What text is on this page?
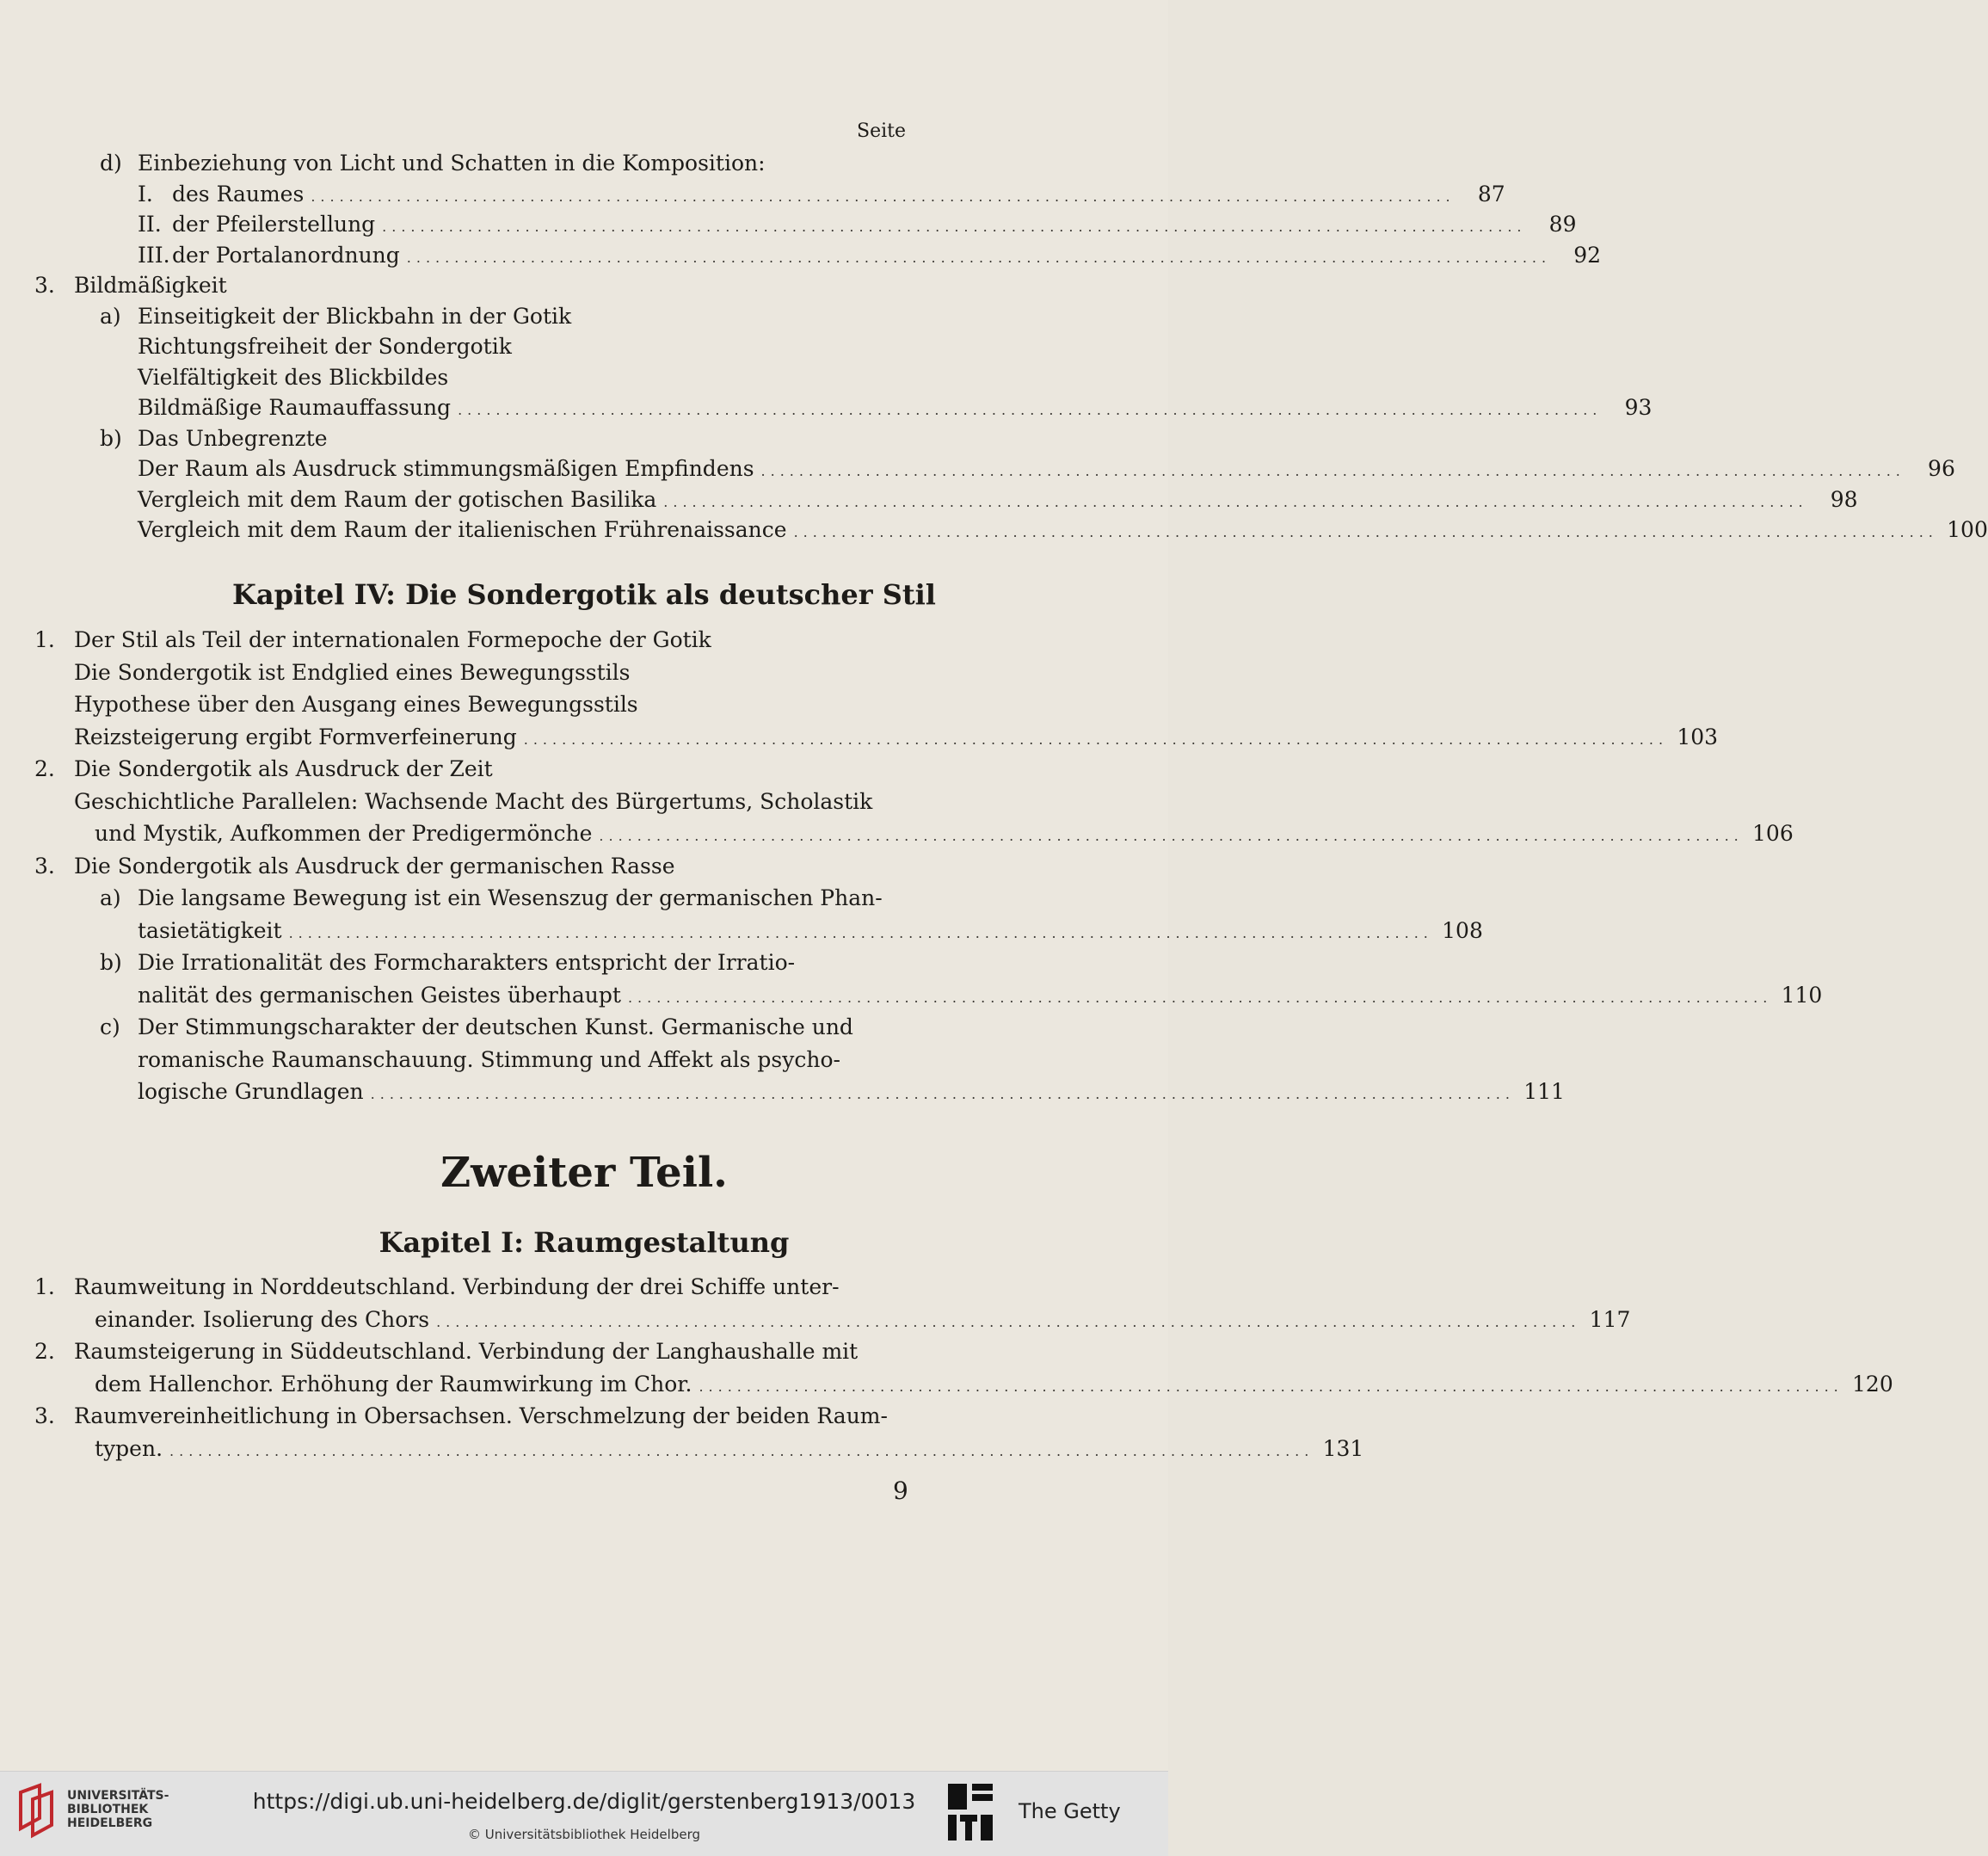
Seite
d) Einbeziehung von Licht und Schatten in die Komposition:
I. des Raumes ........................................................................................................................	87
II. der Pfeilerstellung ........................................................................................................................	89
III. der Portalanordnung ........................................................................................................................	92
3. Bildmäßigkeit
a) Einseitigkeit der Blickbahn in der Gotik
Richtungsfreiheit der Sondergotik
Vielfältigkeit des Blickbildes
Bildmäßige Raumauffassung ........................................................................................................................	93
b) Das Unbegrenzte
Der Raum als Ausdruck stimmungsmäßigen Empfindens ........................................................................................................................	96
Vergleich mit dem Raum der gotischen Basilika ........................................................................................................................	98
Vergleich mit dem Raum der italienischen Frührenaissance ........................................................................................................................ 100
Kapitel IV: Die Sondergotik als deutscher Stil
1. Der Stil als Teil der internationalen Formepoche der Gotik
Die Sondergotik ist Endglied eines Bewegungsstils
Hypothese über den Ausgang eines Bewegungsstils
Reizsteigerung ergibt Formverfeinerung ........................................................................................................................ 103
2. Die Sondergotik als Ausdruck der Zeit
Geschichtliche Parallelen: Wachsende Macht des Bürgertums, Scholastik
und Mystik, Aufkommen der Predigermönche ........................................................................................................................ 106
3. Die Sondergotik als Ausdruck der germanischen Rasse
a) Die langsame Bewegung ist ein Wesenszug der germanischen Phan-
tasietätigkeit ........................................................................................................................ 108
b) Die Irrationalität des Formcharakters entspricht der Irratio-
nalität des germanischen Geistes überhaupt ........................................................................................................................ 110
c) Der Stimmungscharakter der deutschen Kunst. Germanische und
romanische Raumanschauung. Stimmung und Affekt als psycho-
logische Grundlagen ........................................................................................................................ 111
Zweiter Teil.
Kapitel I: Raumgestaltung
1. Raumweitung in Norddeutschland. Verbindung der drei Schiffe unter-
einander. Isolierung des Chors ........................................................................................................................ 117
2. Raumsteigerung in Süddeutschland. Verbindung der Langhaushalle mit
dem Hallenchor. Erhöhung der Raumwirkung im Chor. ........................................................................................................................ 120
3. Raumvereinheitlichung in Obersachsen. Verschmelzung der beiden Raum-
typen. ........................................................................................................................ 131
9
UNIVERSITÄTS-
BIBLIOTHEK
HEIDELBERG
https://digi.ub.uni-heidelberg.de/diglit/gerstenberg1913/0013
© Universitätsbibliothek Heidelberg
The Getty
